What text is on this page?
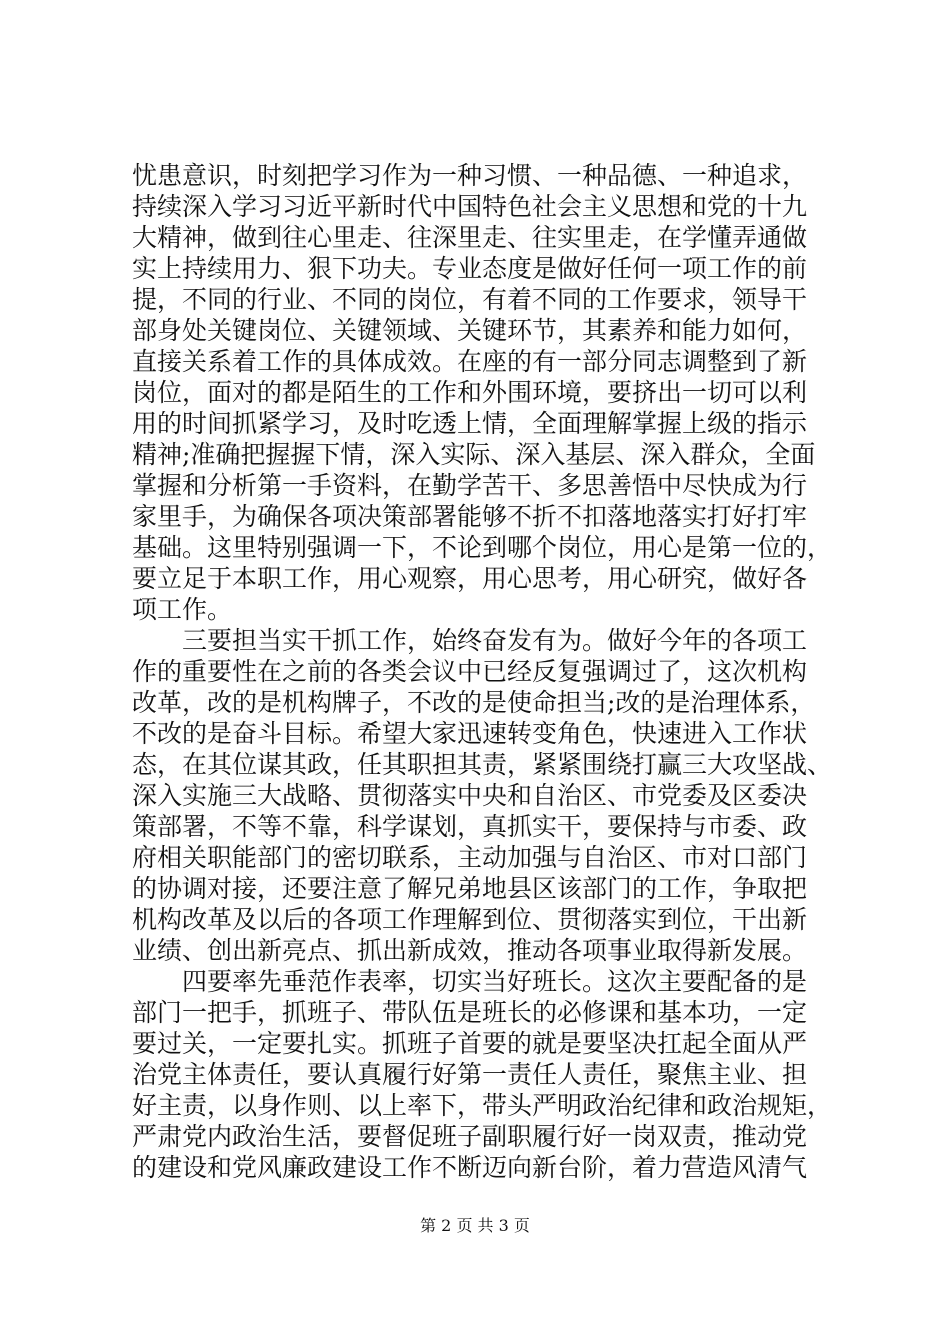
忧患意识，时刻把学习作为一种习惯、一种品德、一种追求，
持续深入学习习近平新时代中国特色社会主义思想和党的十九
大精神，做到往心里走、往深里走、往实里走，在学懂弄通做
实上持续用力、狠下功夫。专业态度是做好任何一项工作的前
提，不同的行业、不同的岗位，有着不同的工作要求，领导干
部身处关键岗位、关键领域、关键环节，其素养和能力如何，
直接关系着工作的具体成效。在座的有一部分同志调整到了新
岗位，面对的都是陌生的工作和外围环境，要挤出一切可以利
用的时间抓紧学习，及时吃透上情，全面理解掌握上级的指示
精神;准确把握握下情，深入实际、深入基层、深入群众，全面
掌握和分析第一手资料，在勤学苦干、多思善悟中尽快成为行
家里手，为确保各项决策部署能够不折不扣落地落实打好打牢
基础。这里特别强调一下，不论到哪个岗位，用心是第一位的，
要立足于本职工作，用心观察，用心思考，用心研究，做好各
项工作。
三要担当实干抓工作，始终奋发有为。做好今年的各项工
作的重要性在之前的各类会议中已经反复强调过了，这次机构
改革，改的是机构牌子，不改的是使命担当;改的是治理体系，
不改的是奋斗目标。希望大家迅速转变角色，快速进入工作状
态，在其位谋其政，任其职担其责，紧紧围绕打赢三大攻坚战、
深入实施三大战略、贯彻落实中央和自治区、市党委及区委决
策部署，不等不靠，科学谋划，真抓实干，要保持与市委、政
府相关职能部门的密切联系，主动加强与自治区、市对口部门
的协调对接，还要注意了解兄弟地县区该部门的工作，争取把
机构改革及以后的各项工作理解到位、贯彻落实到位，干出新
业绩、创出新亮点、抓出新成效，推动各项事业取得新发展。
四要率先垂范作表率，切实当好班长。这次主要配备的是
部门一把手，抓班子、带队伍是班长的必修课和基本功，一定
要过关，一定要扎实。抓班子首要的就是要坚决扛起全面从严
治党主体责任，要认真履行好第一责任人责任，聚焦主业、担
好主责，以身作则、以上率下，带头严明政治纪律和政治规矩，
严肃党内政治生活，要督促班子副职履行好一岗双责，推动党
的建设和党风廉政建设工作不断迈向新台阶，着力营造风清气
第 2 页 共 3 页
